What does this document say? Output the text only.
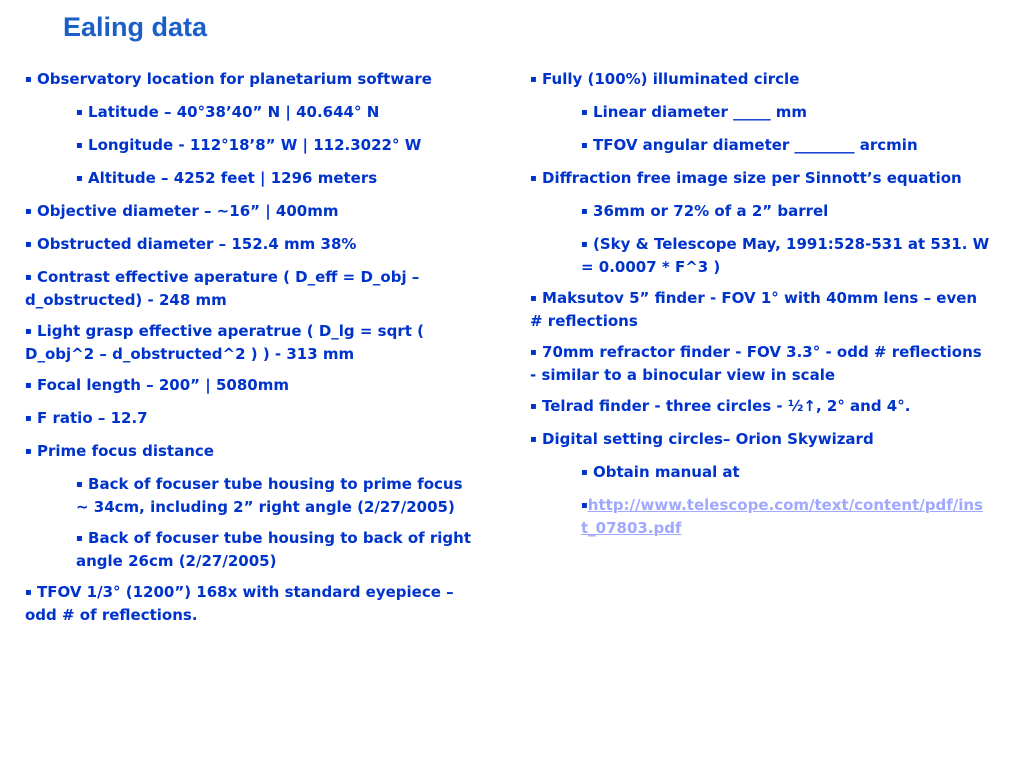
Ealing data
▪ Observatory location for planetarium software
▪ Latitude – 40°38’40” N | 40.644° N
▪ Longitude - 112°18’8” W | 112.3022° W
▪ Altitude – 4252 feet | 1296 meters
▪ Objective diameter – ~16” | 400mm
▪ Obstructed diameter – 152.4 mm 38%
▪ Contrast effective aperature ( D_eff = D_obj – d_obstructed) - 248 mm
▪ Light grasp effective aperatrue ( D_lg = sqrt ( D_obj^2 – d_obstructed^2 ) ) - 313 mm
▪ Focal length – 200” | 5080mm
▪ F ratio – 12.7
▪ Prime focus distance
▪ Back of focuser tube housing to prime focus ~ 34cm, including 2” right angle (2/27/2005)
▪ Back of focuser tube housing to back of right angle 26cm (2/27/2005)
▪ TFOV 1/3° (1200”) 168x with standard eyepiece – odd # of reflections.
▪ Fully (100%) illuminated circle
▪ Linear diameter _____ mm
▪ TFOV angular diameter ________ arcmin
▪ Diffraction free image size per Sinnott’s equation
▪ 36mm or 72% of a 2” barrel
▪ (Sky & Telescope May, 1991:528-531 at 531. W = 0.0007 * F^3 )
▪ Maksutov 5” finder - FOV 1° with 40mm lens – even # reflections
▪ 70mm refractor finder - FOV 3.3° - odd # reflections - similar to a binocular view in scale
▪ Telrad finder - three circles - ½↑, 2° and 4°.
▪ Digital setting circles– Orion Skywizard
▪ Obtain manual at
▪http://www.telescope.com/text/content/pdf/inst_07803.pdf
